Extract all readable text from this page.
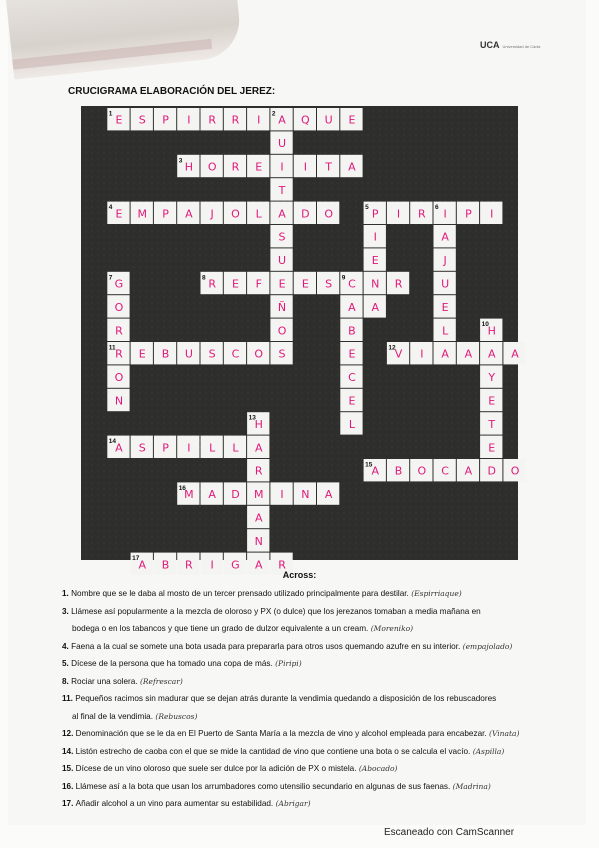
UCA Universidad de Cádiz
CRUCIGRAMA ELABORACIÓN DEL JEREZ:
E
1 S P I R R I A
2 Q U E
U
I
T
A
S
U
E
Ñ
O
S
H
3 O R E	I T A
E
4 M P A J O L	D O	P
5	I R I
6 P I
I
E
N
A
A
J
U
E
L
A
G
7
O
R
R
11
O
N
R
8 E F	E S C
9	R
A
B
E
C
E
L
H
10
A
Y
E
T
E
E B U S C O	V
12 I	A	A
H
13
A
R
M
A
N
A
14 S P I L L
A
15 B O C A D O
M
16 A D	I N A
A
17 B R I G A R
Across:
1. Nombre que se le daba al mosto de un tercer prensado utilizado principalmente para destilar. (Espirriaque)
3. Llámese así popularmente a la mezcla de oloroso y PX (o dulce) que los jerezanos tomaban a media mañana en
bodega o en los tabancos y que tiene un grado de dulzor equivalente a un cream. (Moreniko)
4. Faena a la cual se somete una bota usada para prepararla para otros usos quemando azufre en su interior. (empajolado)
5. Dícese de la persona que ha tomado una copa de más. (Piripi)
8. Rociar una solera. (Refrescar)
11. Pequeños racimos sin madurar que se dejan atrás durante la vendimia quedando a disposición de los rebuscadores
al final de la vendimia. (Rebuscos)
12. Denominación que se le da en El Puerto de Santa María a la mezcla de vino y alcohol empleada para encabezar. (Vinata)
14. Listón estrecho de caoba con el que se mide la cantidad de vino que contiene una bota o se calcula el vacío. (Aspilla)
15. Dícese de un vino oloroso que suele ser dulce por la adición de PX o mistela. (Abocado)
16. Llámese así a la bota que usan los arrumbadores como utensilio secundario en algunas de sus faenas. (Madrina)
17. Añadir alcohol a un vino para aumentar su estabilidad. (Abrigar)
Escaneado con CamScanner
